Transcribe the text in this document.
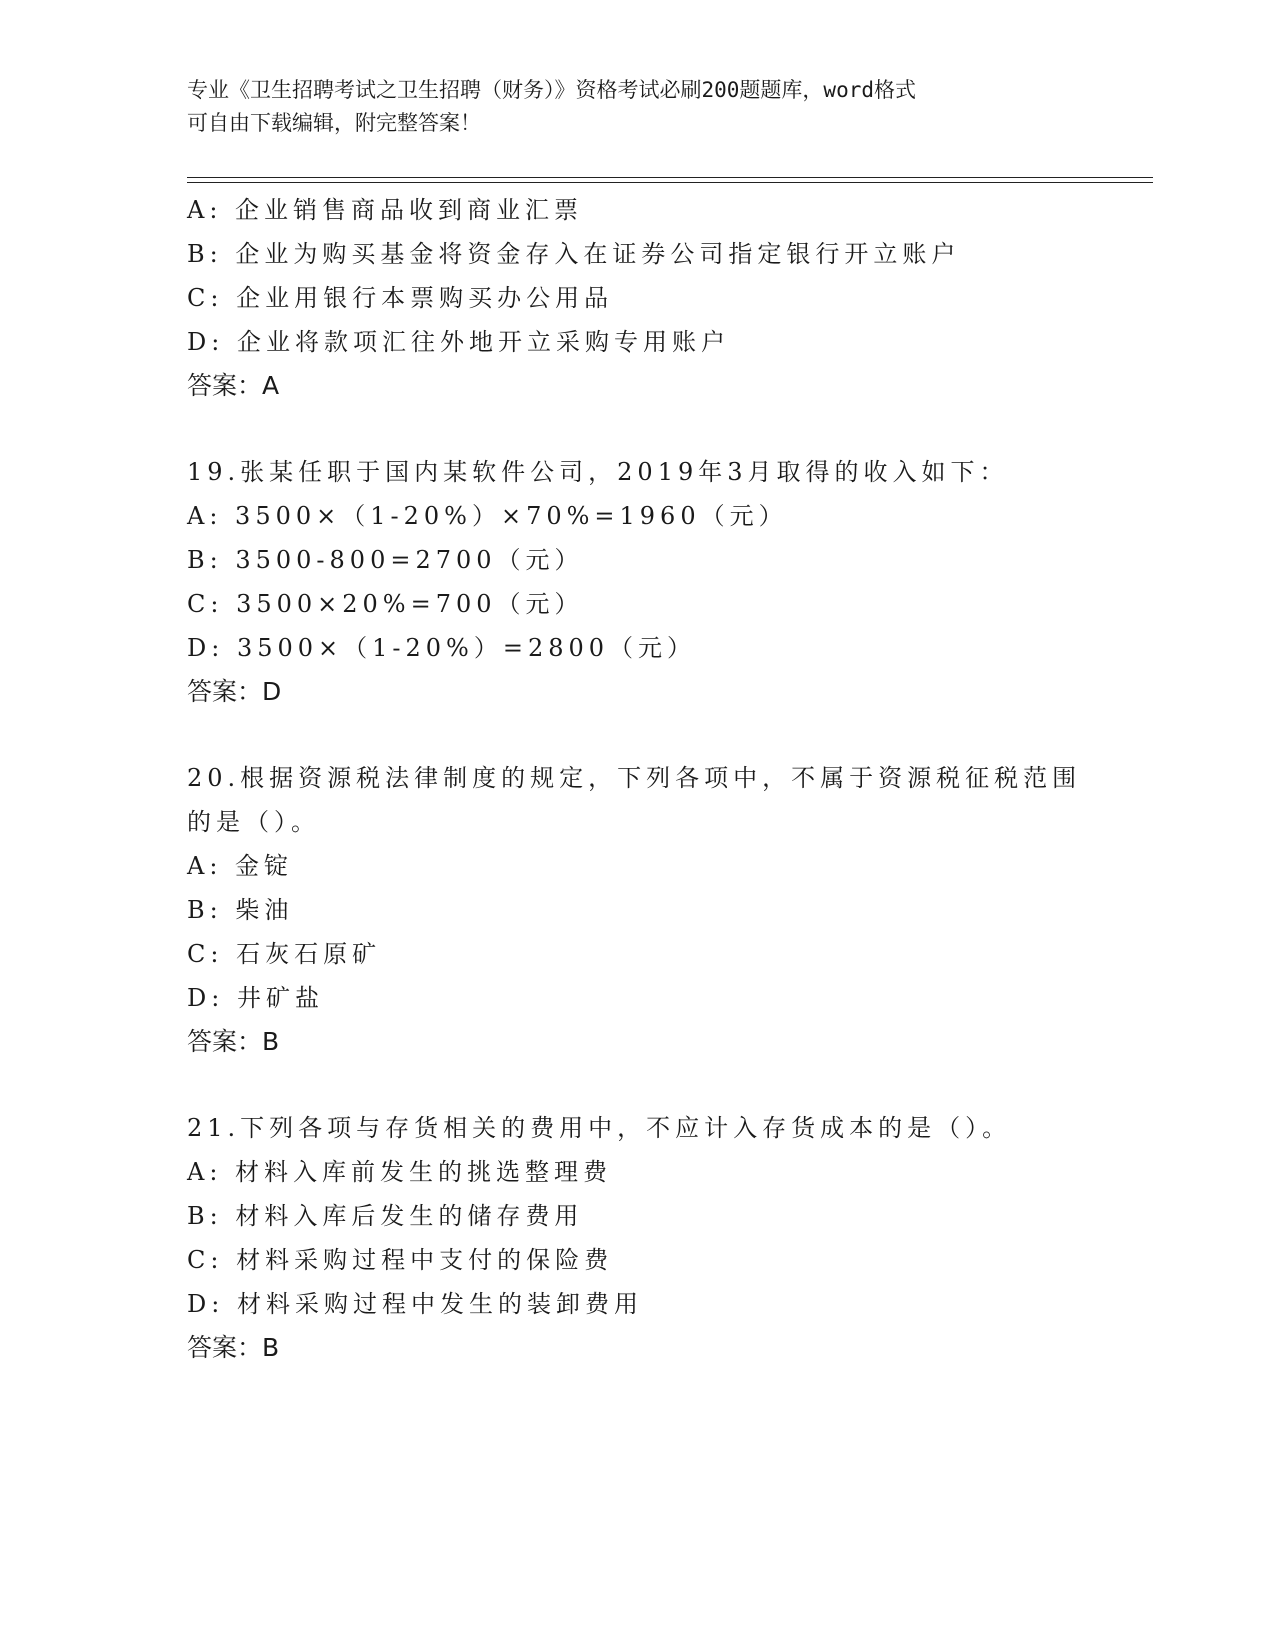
专业《卫生招聘考试之卫生招聘（财务）》资格考试必刷200题题库，word格式
可自由下载编辑，附完整答案！
A: 企业销售商品收到商业汇票
B: 企业为购买基金将资金存入在证券公司指定银行开立账户
C: 企业用银行本票购买办公用品
D: 企业将款项汇往外地开立采购专用账户
答案：A
19.张某任职于国内某软件公司，2019年3月取得的收入如下：
A: 3500×（1-20%）×70%=1960（元）
B: 3500-800=2700（元）
C: 3500×20%=700（元）
D: 3500×（1-20%）=2800（元）
答案：D
20.根据资源税法律制度的规定，下列各项中，不属于资源税征税范围
的是（）。
A: 金锭
B: 柴油
C: 石灰石原矿
D: 井矿盐
答案：B
21.下列各项与存货相关的费用中，不应计入存货成本的是（）。
A: 材料入库前发生的挑选整理费
B: 材料入库后发生的储存费用
C: 材料采购过程中支付的保险费
D: 材料采购过程中发生的装卸费用
答案：B
